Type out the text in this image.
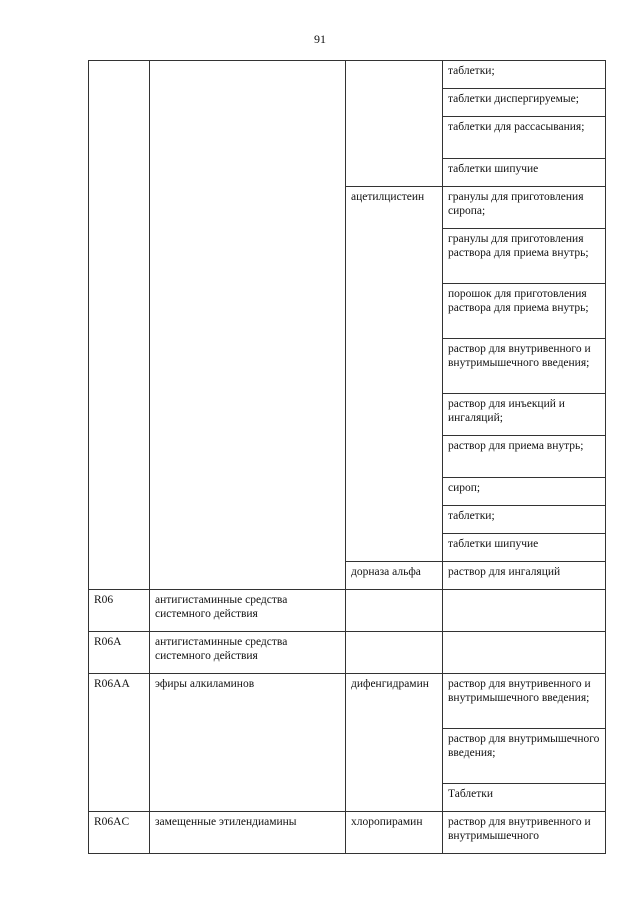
91
			таблетки;
			таблетки диспергируемые;
			таблетки для рассасывания;
			таблетки шипучие
		ацетилцистеин	гранулы для приготовления сиропа;
			гранулы для приготовления раствора для приема внутрь;
			порошок для приготовления раствора для приема внутрь;
			раствор для внутривенного и внутримышечного введения;
			раствор для инъекций и ингаляций;
			раствор для приема внутрь;
			сироп;
			таблетки;
			таблетки шипучие
		дорназа альфа	раствор для ингаляций
R06	антигистаминные средства системного действия		
R06A	антигистаминные средства системного действия		
R06AA	эфиры алкиламинов	дифенгидрамин	раствор для внутривенного и внутримышечного введения;
			раствор для внутримышечного введения;
			Таблетки
R06AC	замещенные этилендиамины	хлоропирамин	раствор для внутривенного и внутримышечного
